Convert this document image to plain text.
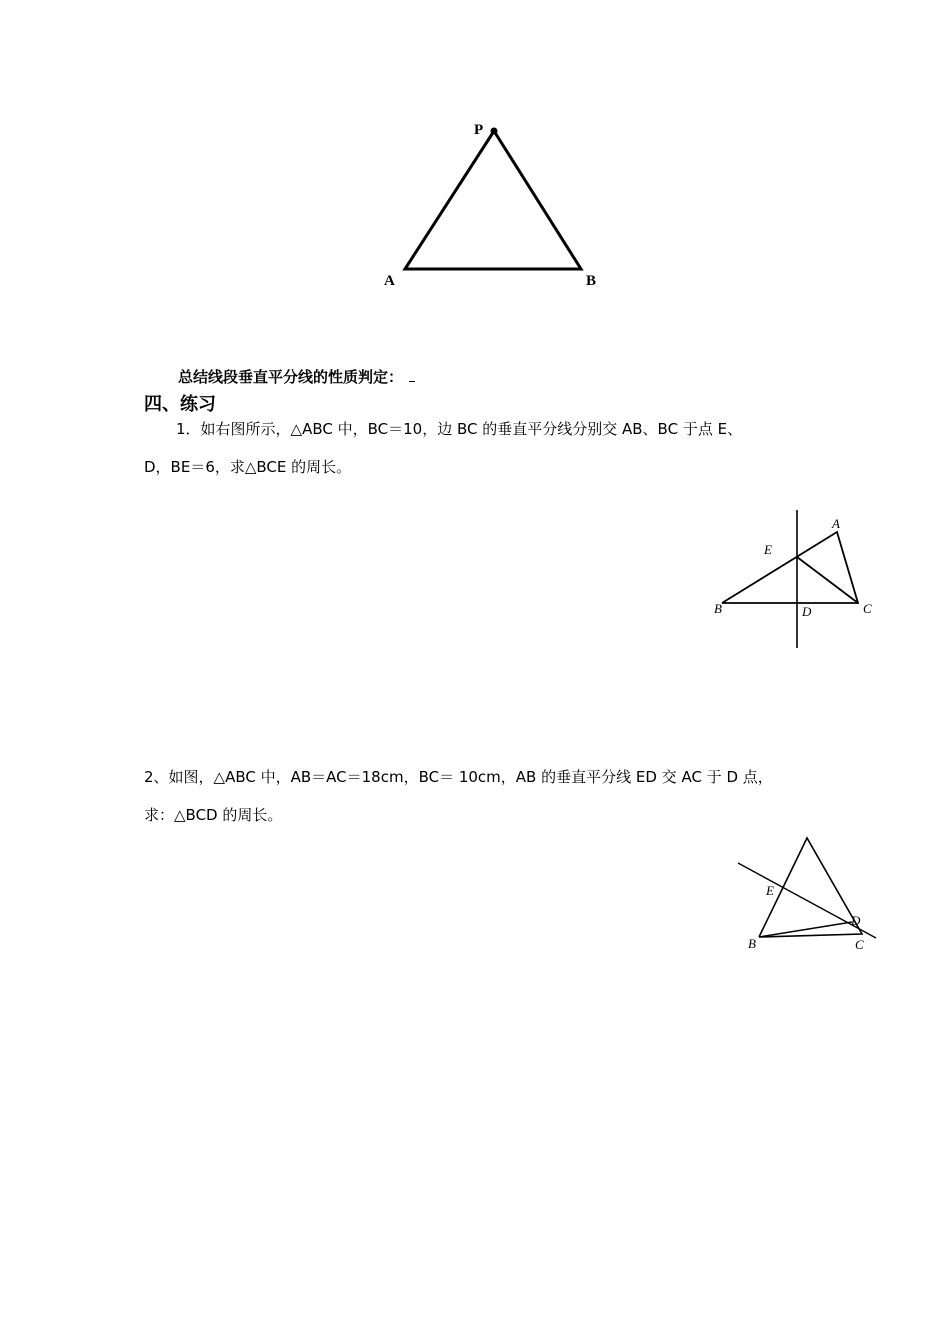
P
A	B
总结线段垂直平分线的性质判定：
四、练习
1．如右图所示，△ABC 中，BC＝10，边 BC 的垂直平分线分别交 AB、BC 于点 E、
D，BE＝6，求△BCE 的周长。
A
E
B	D	C
2、如图，△ABC 中，AB＝AC＝18cm，BC＝ 10cm，AB 的垂直平分线 ED 交 AC 于 D 点，
求：△BCD 的周长。
E
D
B	C
